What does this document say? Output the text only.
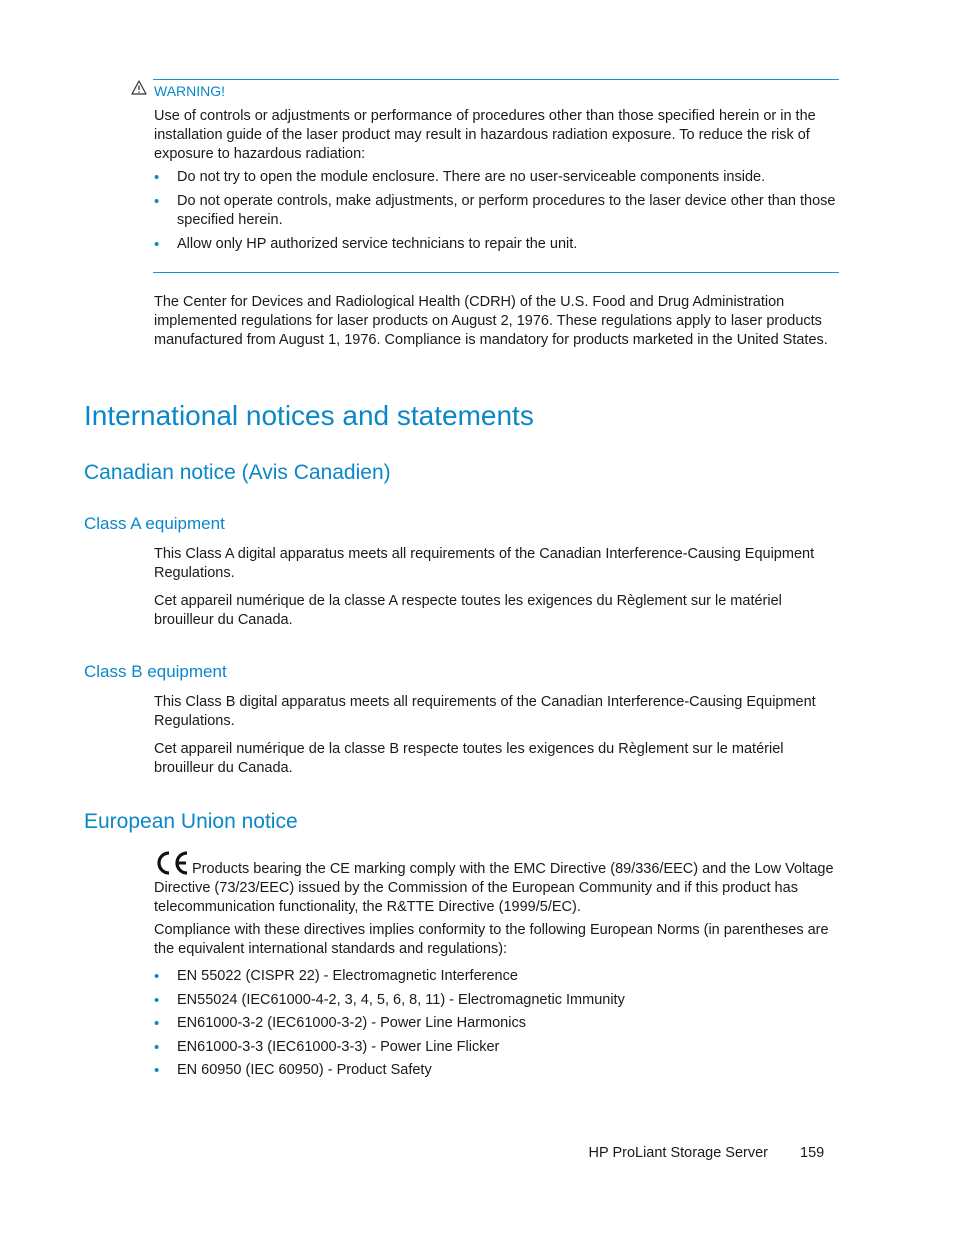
WARNING!

Use of controls or adjustments or performance of procedures other than those specified herein or in the installation guide of the laser product may result in hazardous radiation exposure. To reduce the risk of exposure to hazardous radiation:

• Do not try to open the module enclosure. There are no user-serviceable components inside.
• Do not operate controls, make adjustments, or perform procedures to the laser device other than those specified herein.
• Allow only HP authorized service technicians to repair the unit.

The Center for Devices and Radiological Health (CDRH) of the U.S. Food and Drug Administration implemented regulations for laser products on August 2, 1976. These regulations apply to laser products manufactured from August 1, 1976. Compliance is mandatory for products marketed in the United States.

International notices and statements
Canadian notice (Avis Canadien)
Class A equipment

This Class A digital apparatus meets all requirements of the Canadian Interference-Causing Equipment Regulations.

Cet appareil numérique de la classe A respecte toutes les exigences du Règlement sur le matériel brouilleur du Canada.

Class B equipment

This Class B digital apparatus meets all requirements of the Canadian Interference-Causing Equipment Regulations.

Cet appareil numérique de la classe B respecte toutes les exigences du Règlement sur le matériel brouilleur du Canada.

European Union notice

Products bearing the CE marking comply with the EMC Directive (89/336/EEC) and the Low Voltage Directive (73/23/EEC) issued by the Commission of the European Community and if this product has telecommunication functionality, the R&TTE Directive (1999/5/EC).

Compliance with these directives implies conformity to the following European Norms (in parentheses are the equivalent international standards and regulations):

• EN 55022 (CISPR 22) - Electromagnetic Interference
• EN55024 (IEC61000-4-2, 3, 4, 5, 6, 8, 11) - Electromagnetic Immunity
• EN61000-3-2 (IEC61000-3-2) - Power Line Harmonics
• EN61000-3-3 (IEC61000-3-3) - Power Line Flicker
• EN 60950 (IEC 60950) - Product Safety
HP ProLiant Storage Server 159
